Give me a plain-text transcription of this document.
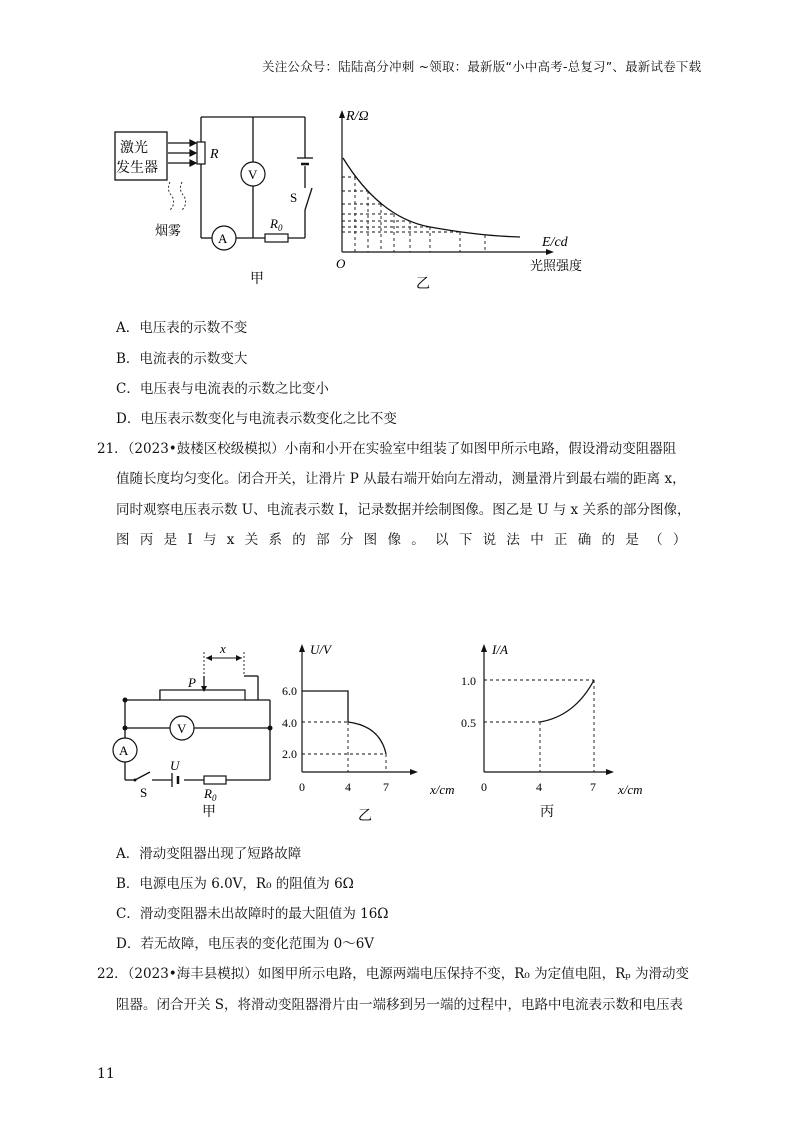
关注公众号：陆陆高分冲刺 ~领取：最新版“小中高考-总复习”、最新试卷下载
激光
发生器
烟雾
R
V
A
$R_0$
S
甲
R/Ω
E/cd
O	光照强度
乙
A．电压表的示数不变
B．电流表的示数变大
C．电压表与电流表的示数之比变小
D．电压表示数变化与电流表示数变化之比不变
21．（2023•鼓楼区校级模拟）小南和小开在实验室中组装了如图甲所示电路，假设滑动变阻器阻
值随长度均匀变化。闭合开关，让滑片 P 从最右端开始向左滑动，测量滑片到最右端的距离 x，
同时观察电压表示数 U、电流表示数 I，记录数据并绘制图像。图乙是 U 与 x 关系的部分图像，
图 丙 是 I 与 x 关 系 的 部 分 图 像 。 以 下 说 法 中 正 确 的 是 （ ）
P
x
V
A
S
U
$R_0$
甲
U/V
x/cm
6.0
4.0
2.0
0	4	7
乙
I/A
x/cm
1.0
0.5
0	4	7
丙
A．滑动变阻器出现了短路故障
B．电源电压为 6.0V，R₀ 的阻值为 6Ω
C．滑动变阻器未出故障时的最大阻值为 16Ω
D．若无故障，电压表的变化范围为 0～6V
22．（2023•海丰县模拟）如图甲所示电路，电源两端电压保持不变，R₀ 为定值电阻，Rₚ 为滑动变
阻器。闭合开关 S，将滑动变阻器滑片由一端移到另一端的过程中，电路中电流表示数和电压表
11
